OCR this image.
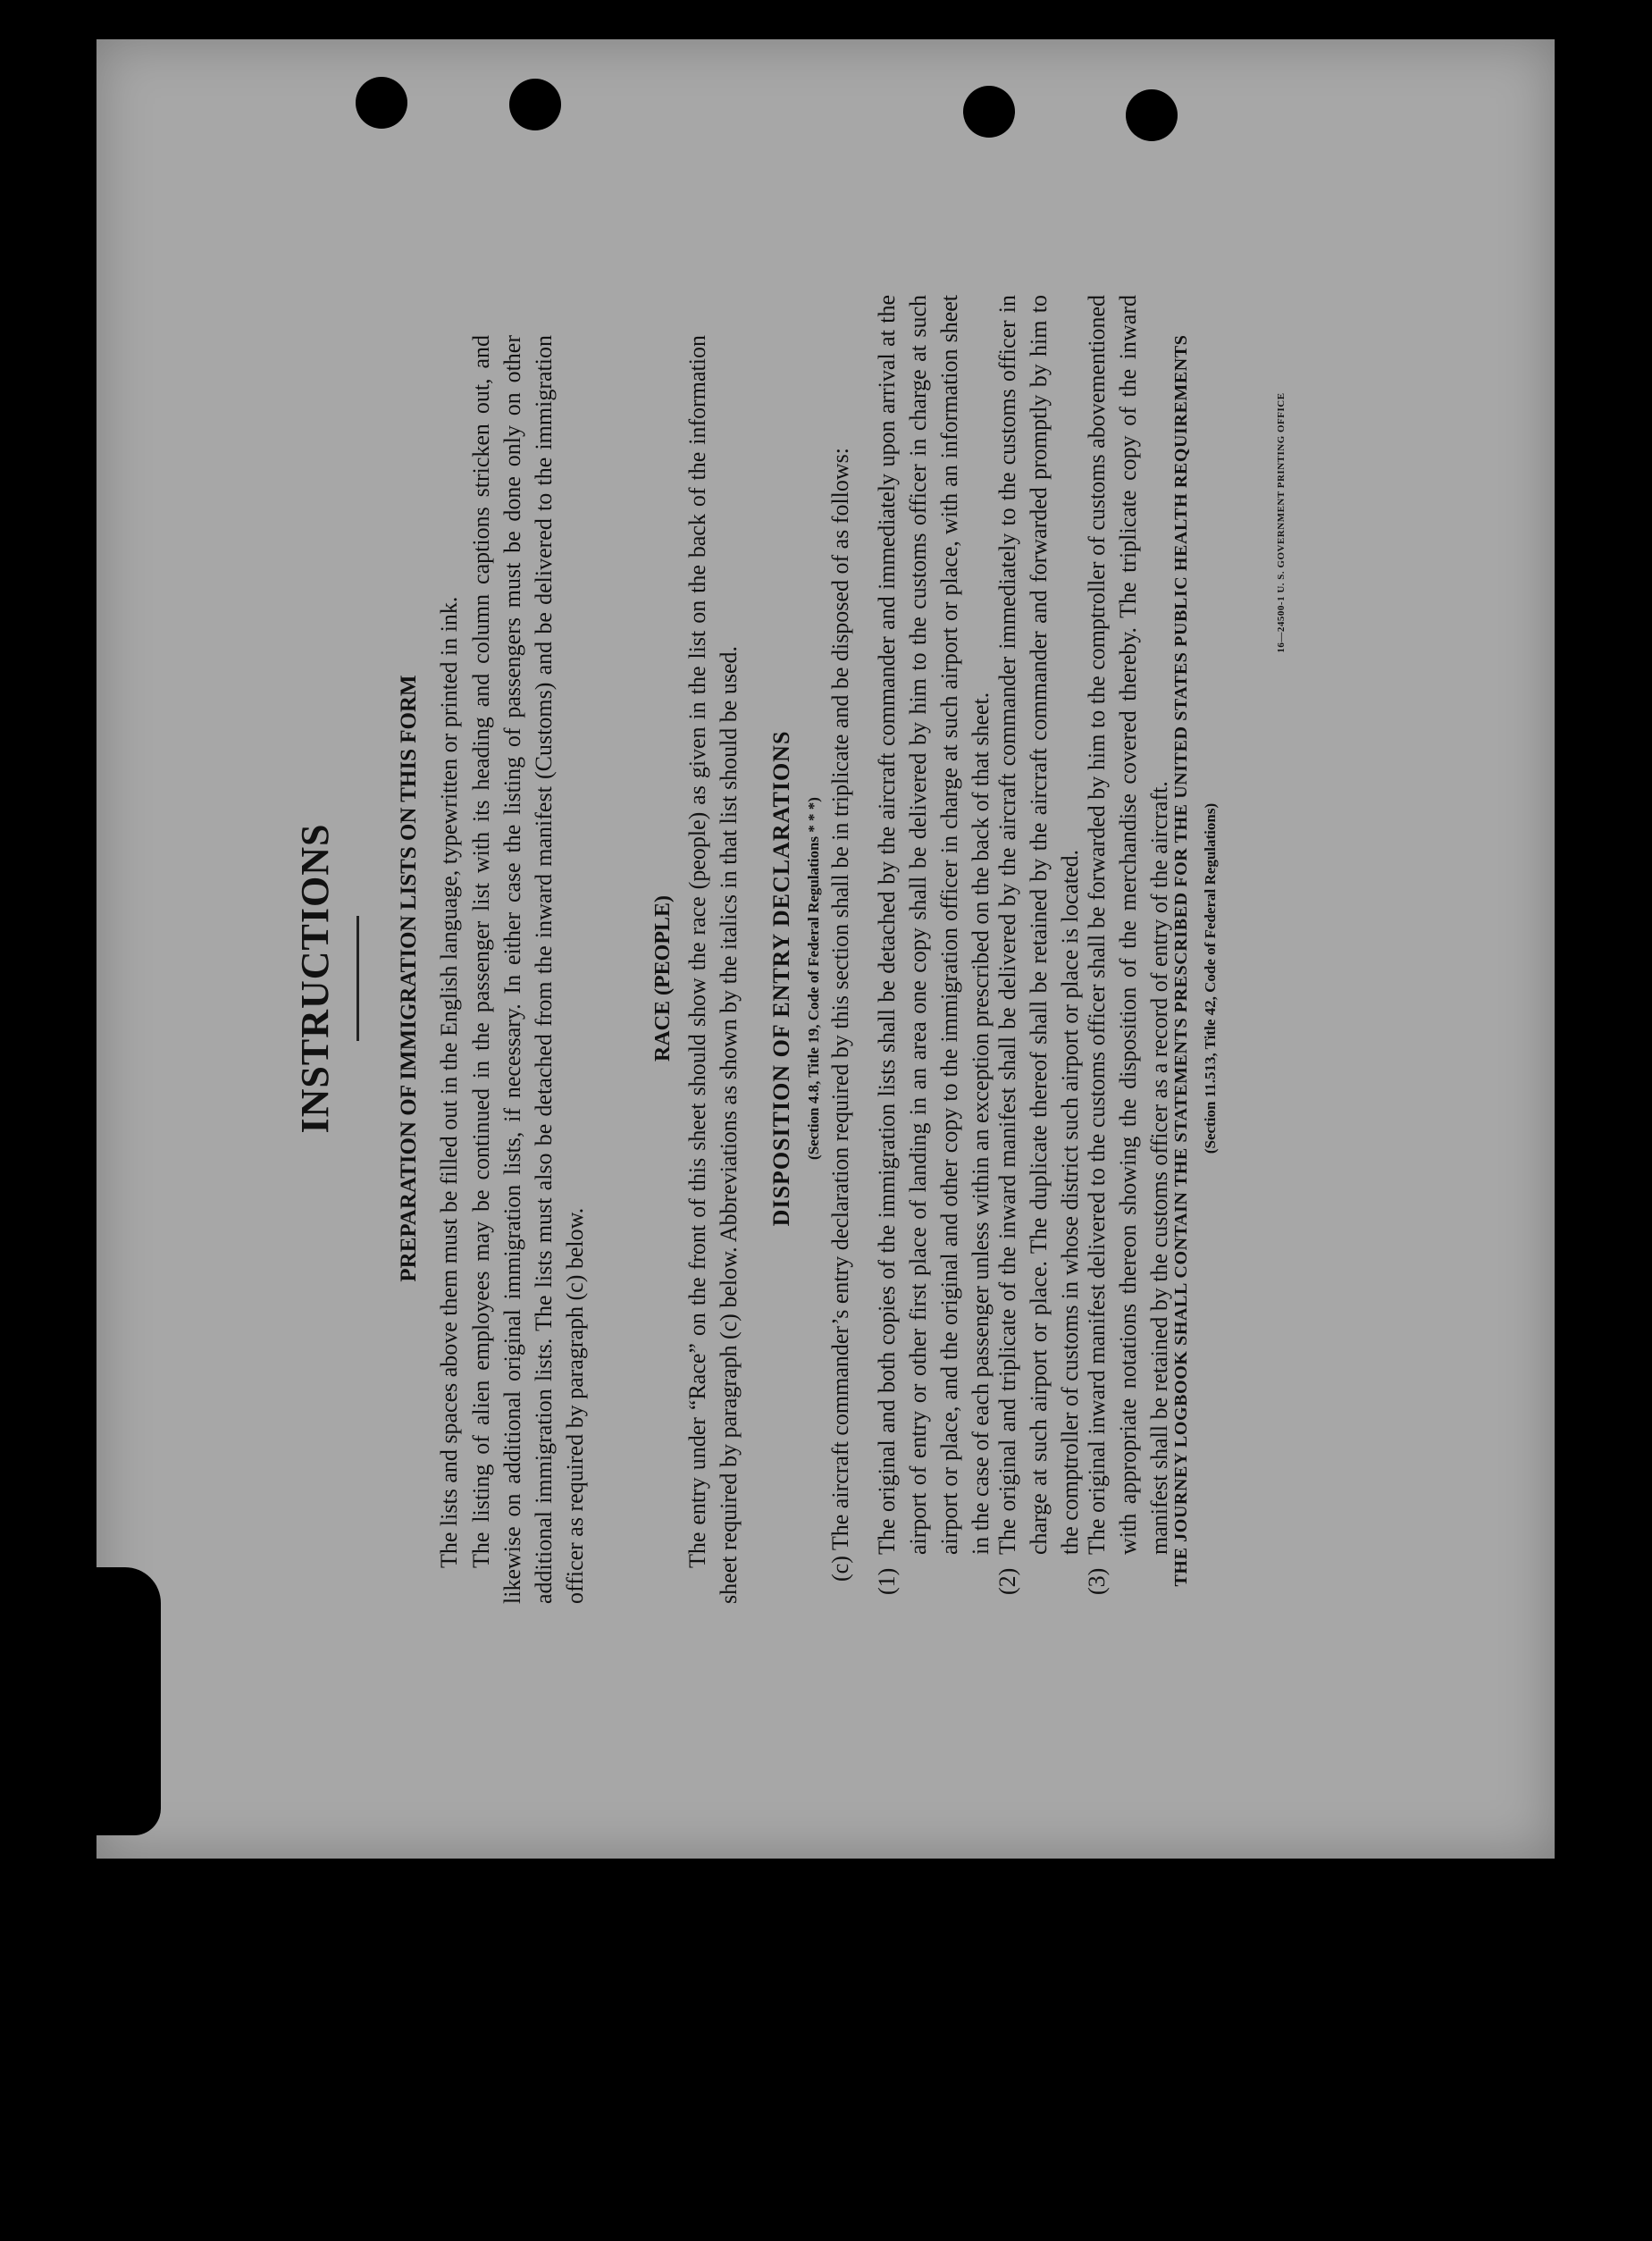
INSTRUCTIONS	PREPARATION OF IMMIGRATION LISTS ON THIS FORM The lists and spaces above them must be filled out in the English language, typewritten or printed in ink. The listing of alien employees may be continued in the passenger list with its heading and column captions stricken out, and likewise on additional original immigration lists, if necessary. In either case the listing of passengers must be done only on other additional immigration lists. The lists must also be detached from the inward manifest (Customs) and be delivered to the immigration officer as required by paragraph (c) below.

RACE (PEOPLE) The entry under “Race” on the front of this sheet should show the race (people) as given in the list on the back of the information sheet required by paragraph (c) below. Abbreviations as shown by the italics in that list should be used. DISPOSITION OF ENTRY DECLARATIONS (Section 4.8, Title 19, Code of Federal Regulations * * *) (c) The aircraft commander’s entry declaration required by this section shall be in triplicate and be disposed of as follows: (1)

The original and both copies of the immigration lists shall be detached by the aircraft commander and immediately upon arrival at the airport of entry or other first place of landing in an area one copy shall be delivered by him to the customs officer in charge at such airport or place, and the original and other copy to the immigration officer in charge at such airport or place, with an information sheet in the case of each passenger unless within an exception prescribed on the back of that sheet.

(2)

The original and triplicate of the inward manifest shall be delivered by the aircraft commander immediately to the customs officer in charge at such airport or place. The duplicate thereof shall be retained by the aircraft commander and forwarded promptly by him to the comptroller of customs in whose district such airport or place is located.

(3)

The original inward manifest delivered to the customs officer shall be forwarded by him to the comptroller of customs abovementioned with appropriate notations thereon showing the disposition of the merchandise covered thereby. The triplicate copy of the inward manifest shall be retained by the customs officer as a record of entry of the aircraft. THE JOURNEY LOGBOOK SHALL CONTAIN THE STATEMENTS PRESCRIBED FOR THE UNITED STATES PUBLIC HEALTH REQUIREMENTS (Section 11.513, Title 42, Code of Federal Regulations)
16—24500-1 U. S. GOVERNMENT PRINTING OFFICE
